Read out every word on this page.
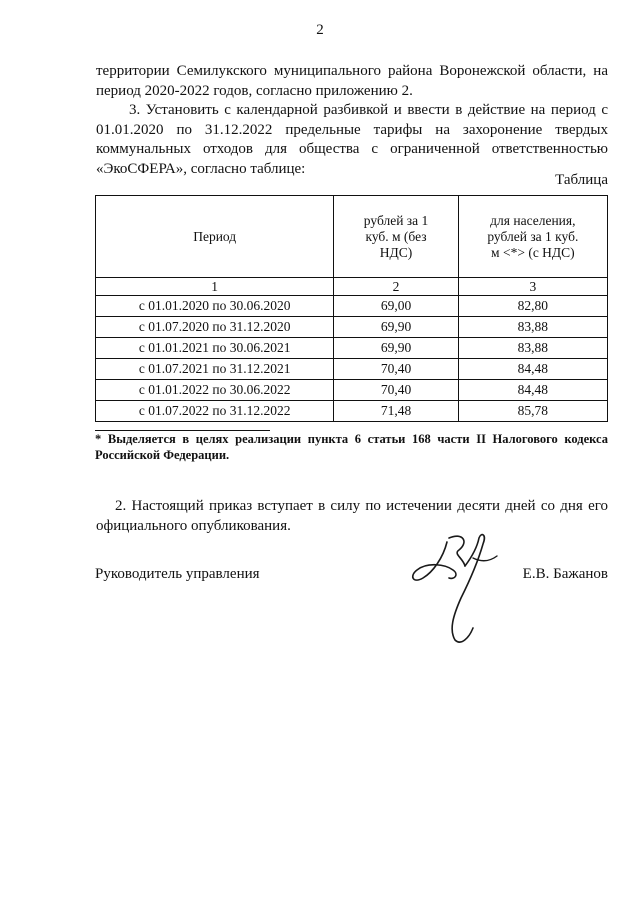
2

территории Семилукского муниципального района Воронежской области, на период 2020-2022 годов, согласно приложению 2.

3. Установить с календарной разбивкой и ввести в действие на период с 01.01.2020 по 31.12.2022 предельные тарифы на захоронение твердых коммунальных отходов для общества с ограниченной ответственностью «ЭкоСФЕРА», согласно таблице:

Таблица
Период	рублей за 1 куб. м (без НДС)	для населения, рублей за 1 куб. м <*> (с НДС)

1	2	3
с 01.01.2020 по 30.06.2020	69,00	82,80
с 01.07.2020 по 31.12.2020	69,90	83,88
с 01.01.2021 по 30.06.2021	69,90	83,88
с 01.07.2021 по 31.12.2021	70,40	84,48
с 01.01.2022 по 30.06.2022	70,40	84,48
с 01.07.2022 по 31.12.2022	71,48	85,78

* Выделяется в целях реализации пункта 6 статьи 168 части II Налогового кодекса Российской Федерации.

2. Настоящий приказ вступает в силу по истечении десяти дней со дня его официального опубликования.

Руководитель управления	Е.В. Бажанов
